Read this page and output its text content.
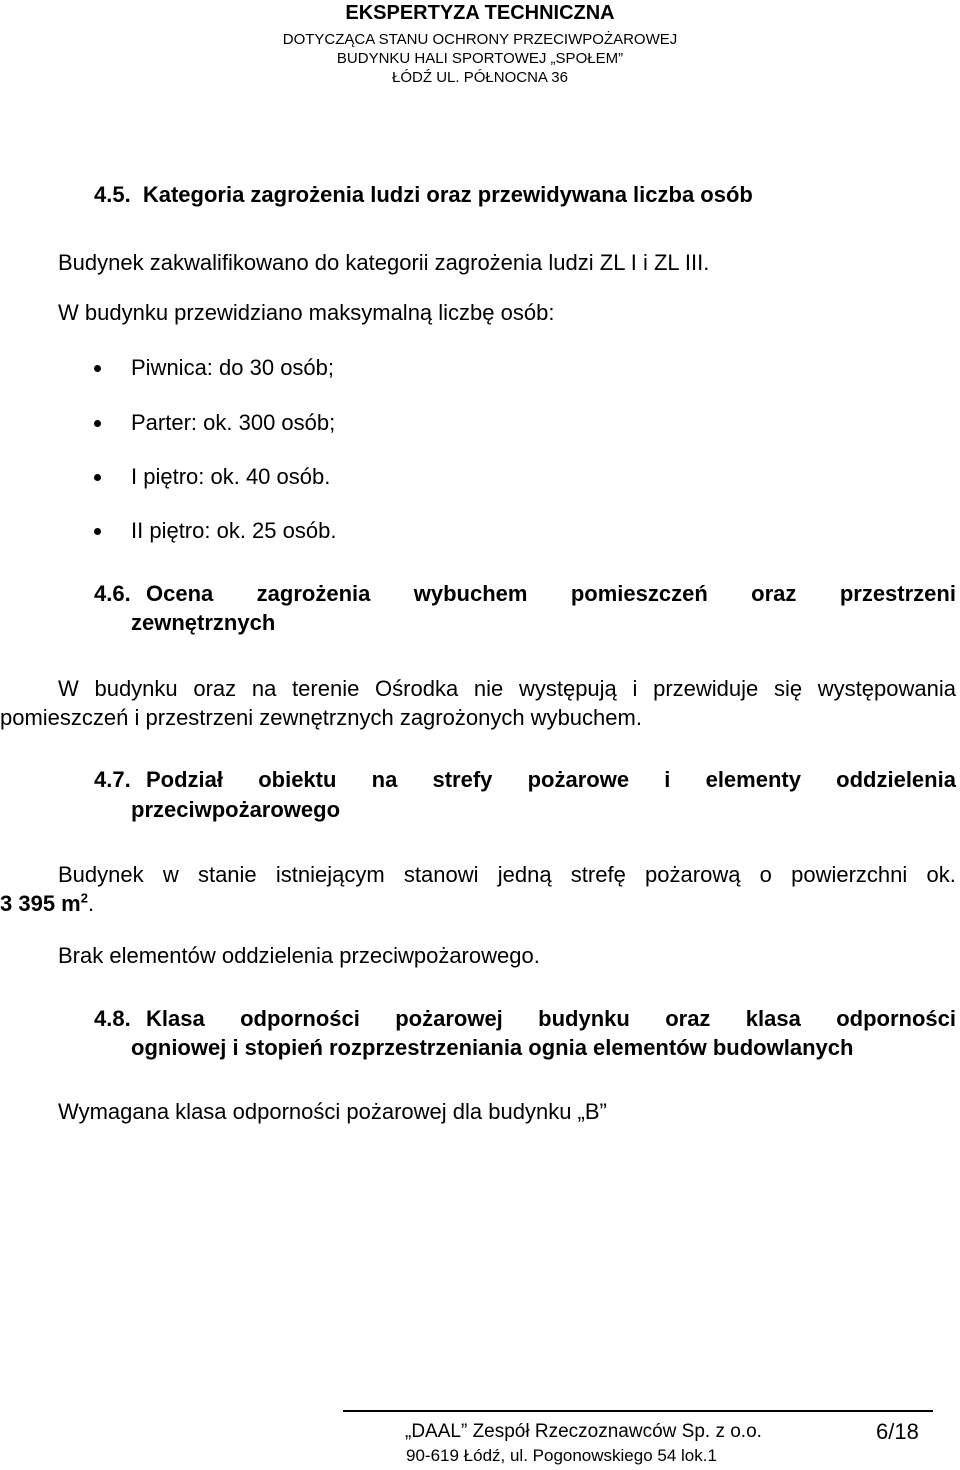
EKSPERTYZA TECHNICZNA
DOTYCZĄCA STANU OCHRONY PRZECIWPOŻAROWEJ
BUDYNKU HALI SPORTOWEJ „SPOŁEM”
ŁÓDŹ UL. PÓŁNOCNA 36
4.5. Kategoria zagrożenia ludzi oraz przewidywana liczba osób
Budynek zakwalifikowano do kategorii zagrożenia ludzi ZL I i ZL III.
W budynku przewidziano maksymalną liczbę osób:
Piwnica: do 30 osób;
Parter: ok. 300 osób;
I piętro: ok. 40 osób.
II piętro: ok. 25 osób.
4.6. Ocena zagrożenia wybuchem pomieszczeń oraz przestrzeni
zewnętrznych
W budynku oraz na terenie Ośrodka nie występują i przewiduje się występowania
pomieszczeń i przestrzeni zewnętrznych zagrożonych wybuchem.
4.7. Podział obiektu na strefy pożarowe i elementy oddzielenia
przeciwpożarowego
Budynek w stanie istniejącym stanowi jedną strefę pożarową o powierzchni ok.
3 395 $m^2$.
Brak elementów oddzielenia przeciwpożarowego.
4.8. Klasa odporności pożarowej budynku oraz klasa odporności
ogniowej i stopień rozprzestrzeniania ognia elementów budowlanych
Wymagana klasa odporności pożarowej dla budynku „B”
„DAAL” Zespół Rzeczoznawców Sp. z o.o.	6/18
90-619 Łódź, ul. Pogonowskiego 54 lok.1
